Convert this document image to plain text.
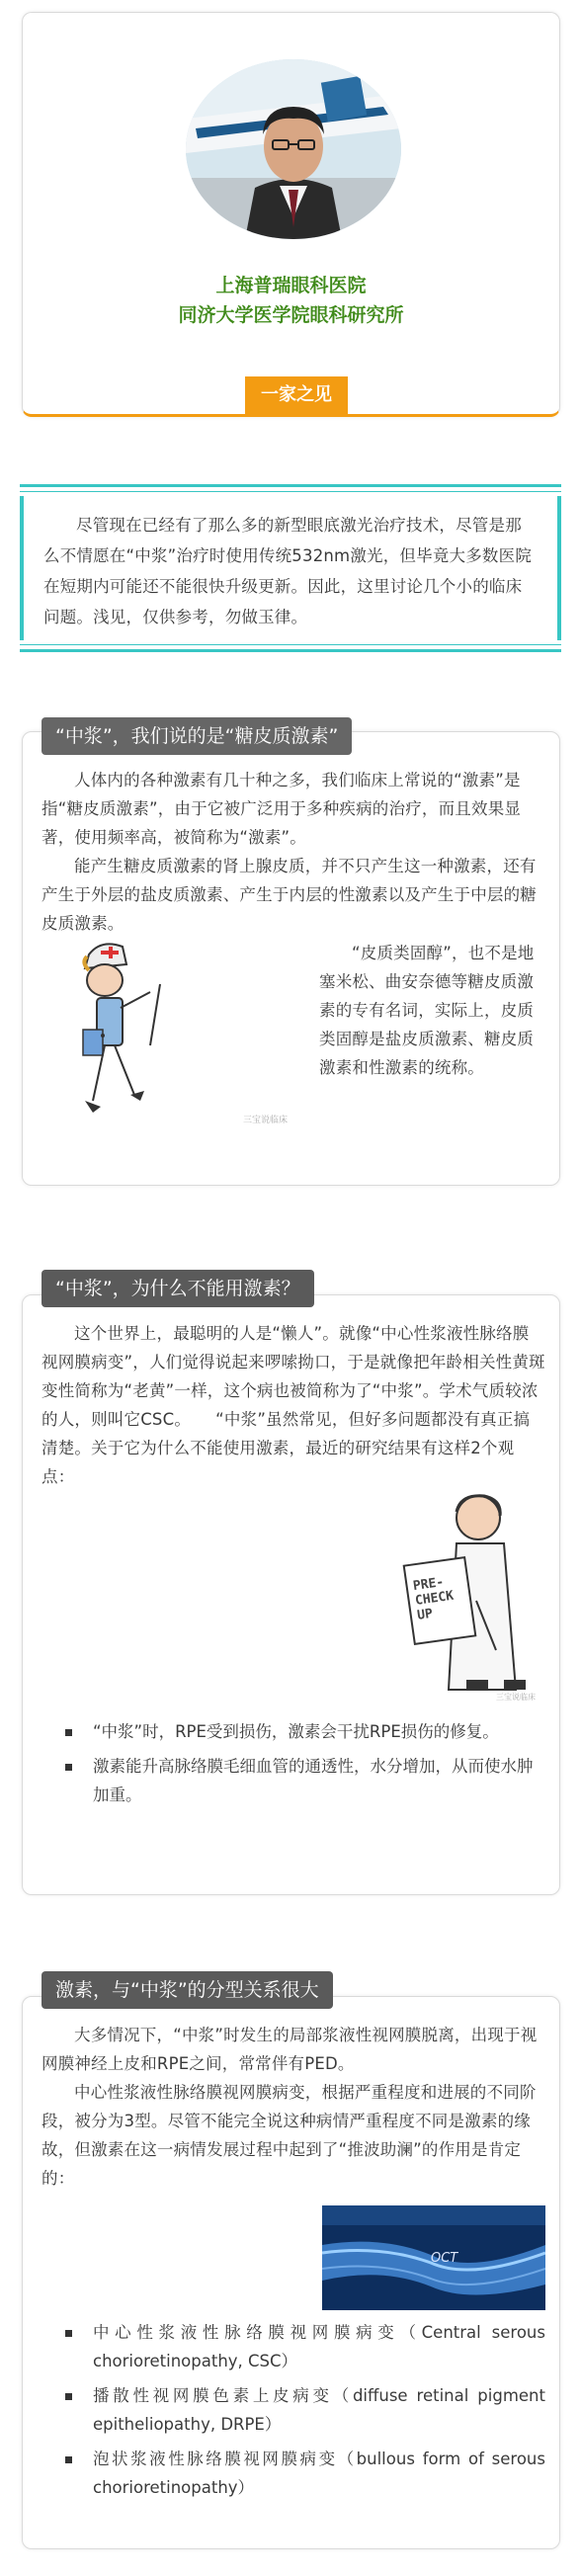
上海普瑞眼科医院
同济大学医学院眼科研究所
一家之见

尽管现在已经有了那么多的新型眼底激光治疗技术，尽管是那么不情愿在“中浆”治疗时使用传统532nm激光，但毕竟大多数医院在短期内可能还不能很快升级更新。因此，这里讨论几个小的临床问题。浅见，仅供参考，勿做玉律。

“中浆”，我们说的是“糖皮质激素”

人体内的各种激素有几十种之多，我们临床上常说的“激素”是指“糖皮质激素”，由于它被广泛用于多种疾病的治疗，而且效果显著，使用频率高，被简称为“激素”。

能产生糖皮质激素的肾上腺皮质，并不只产生这一种激素，还有产生于外层的盐皮质激素、产生于内层的性激素以及产生于中层的糖皮质激素。

三宝说临床

“皮质类固醇”，也不是地塞米松、曲安奈德等糖皮质激素的专有名词，实际上，皮质类固醇是盐皮质激素、糖皮质激素和性激素的统称。

“中浆”，为什么不能用激素？

这个世界上，最聪明的人是“懒人”。就像“中心性浆液性脉络膜视网膜病变”，人们觉得说起来啰嗦拗口，于是就像把年龄相关性黄斑变性简称为“老黄”一样，这个病也被简称为了“中浆”。学术气质较浓的人，则叫它CSC。　　“中浆”虽然常见，但好多问题都没有真正搞清楚。关于它为什么不能使用激素，最近的研究结果有这样2个观点：

PRE-CHECK UP
三宝说临床
“中浆”时，RPE受到损伤，激素会干扰RPE损伤的修复。
激素能升高脉络膜毛细血管的通透性，水分增加，从而使水肿加重。
激素，与“中浆”的分型关系很大

大多情况下，“中浆”时发生的局部浆液性视网膜脱离，出现于视网膜神经上皮和RPE之间，常常伴有PED。

中心性浆液性脉络膜视网膜病变，根据严重程度和进展的不同阶段，被分为3型。尽管不能完全说这种病情严重程度不同是激素的缘故，但激素在这一病情发展过程中起到了“推波助澜”的作用是肯定的：

OCT
中心性浆液性脉络膜视网膜病变（Central serous chorioretinopathy, CSC）
播散性视网膜色素上皮病变（diffuse retinal pigment epitheliopathy, DRPE）
泡状浆液性脉络膜视网膜病变（bullous form of serous chorioretinopathy）
